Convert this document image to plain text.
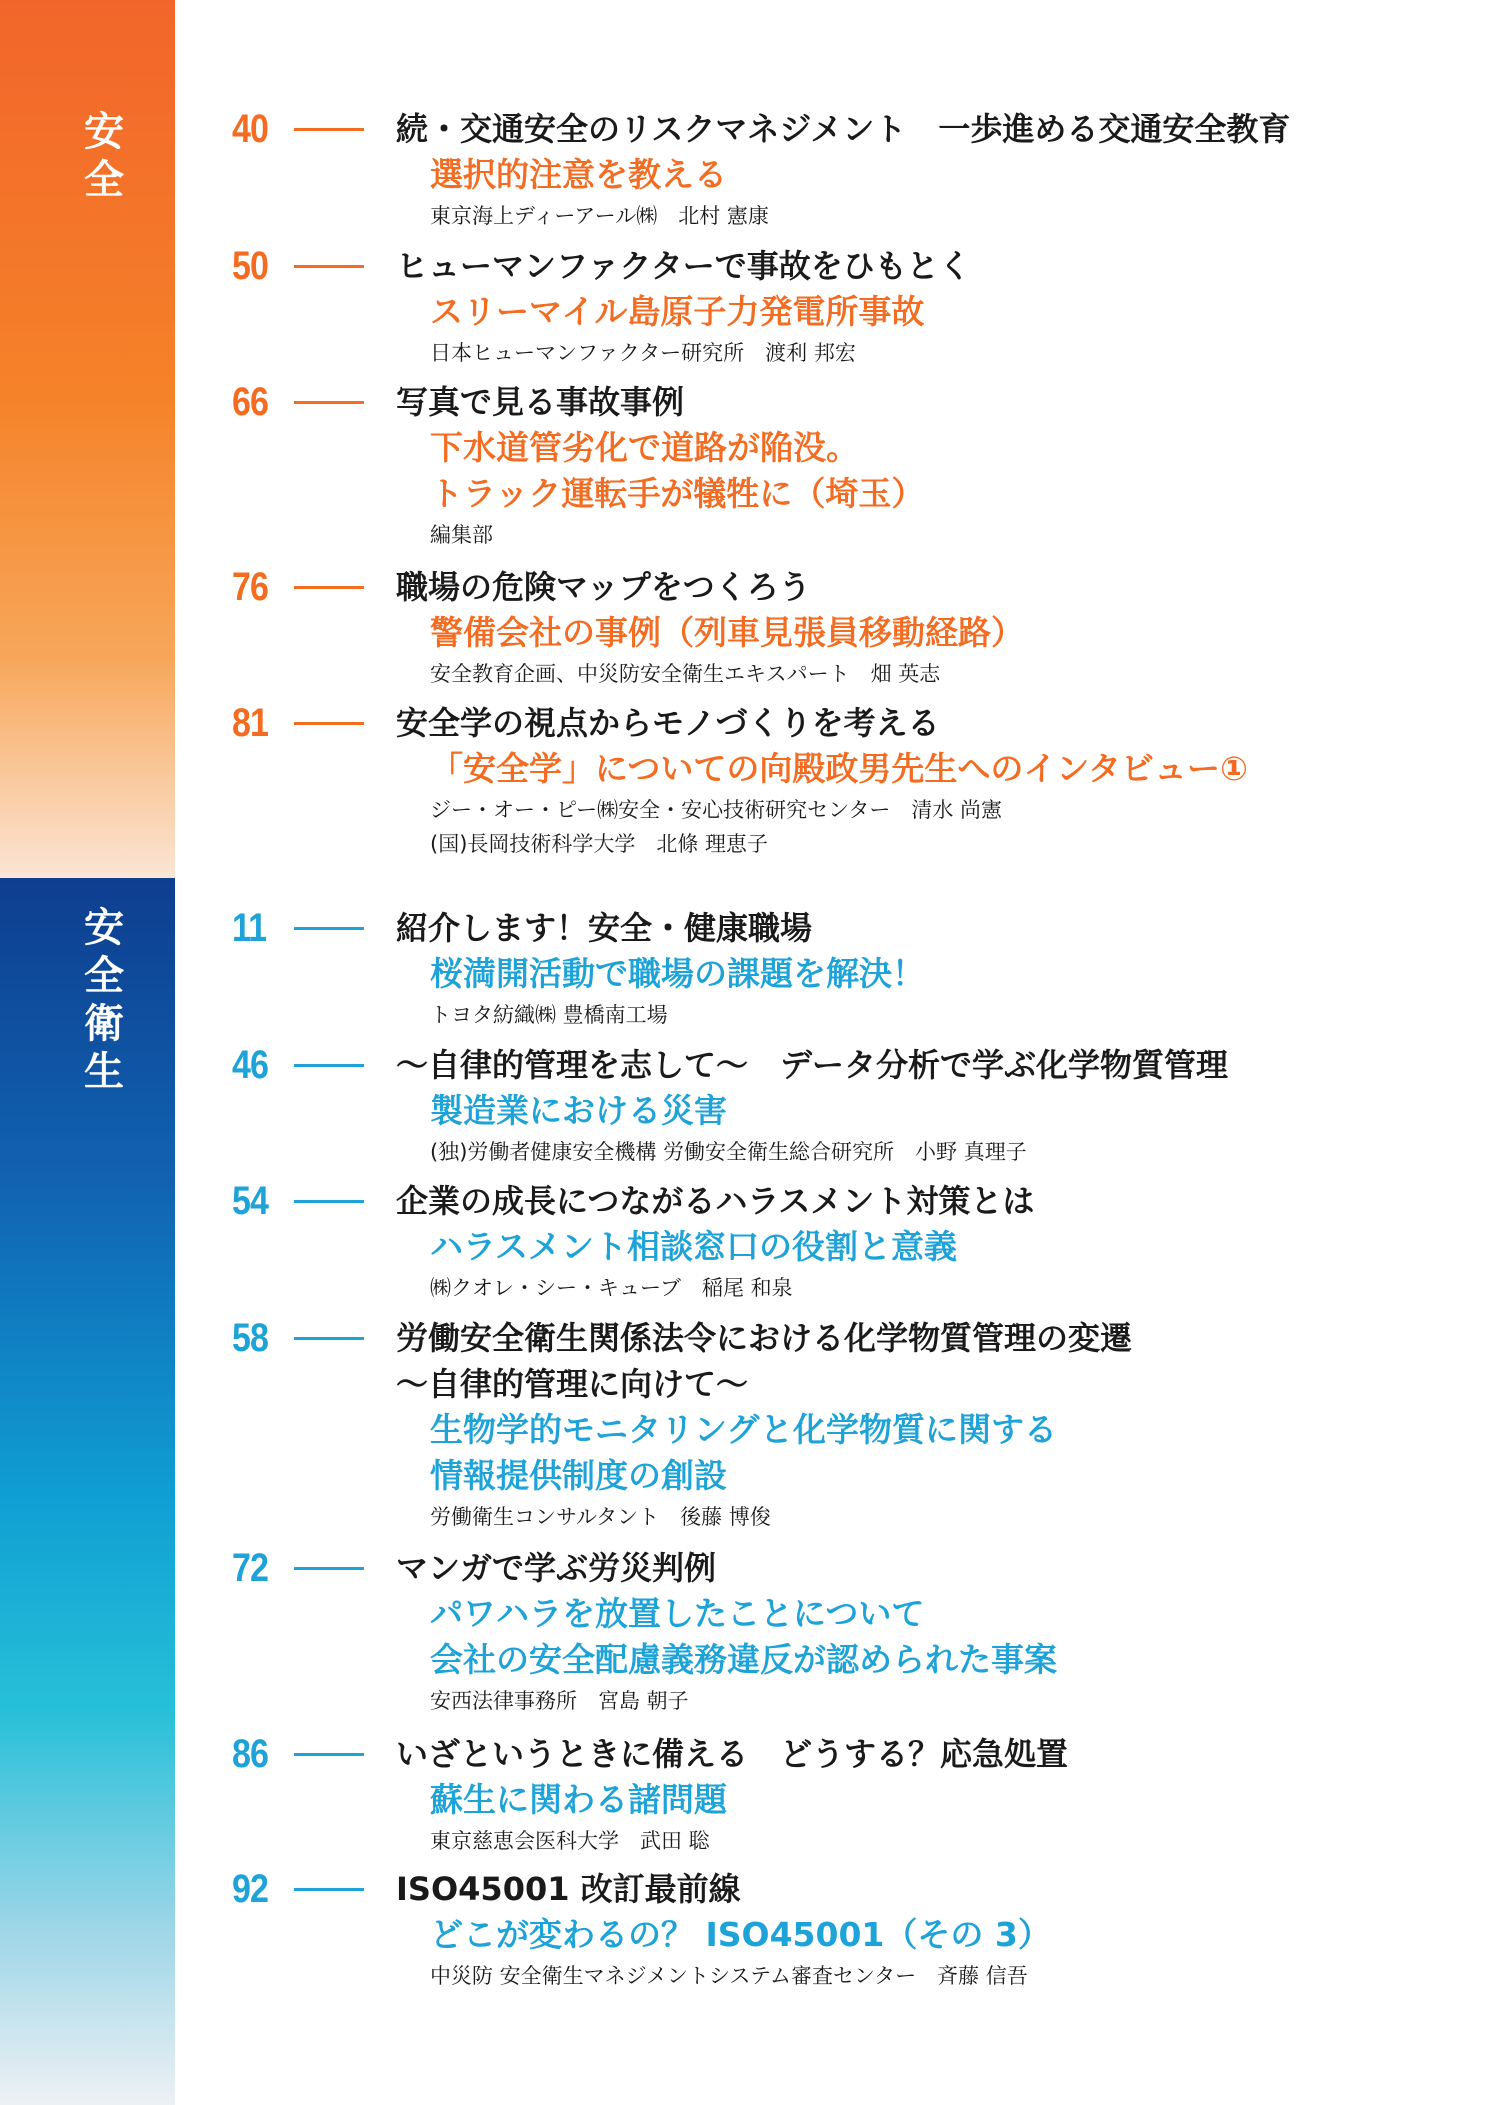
安
全
安
全
衛
生
40	続・交通安全のリスクマネジメント　一歩進める交通安全教育
選択的注意を教える
東京海上ディーアール㈱　北村 憲康
50	ヒューマンファクターで事故をひもとく
スリーマイル島原子力発電所事故
日本ヒューマンファクター研究所　渡利 邦宏
66	写真で見る事故事例
下水道管劣化で道路が陥没。
トラック運転手が犠牲に（埼玉）
編集部
76	職場の危険マップをつくろう
警備会社の事例（列車見張員移動経路）
安全教育企画、中災防安全衛生エキスパート　畑 英志
81	安全学の視点からモノづくりを考える
「安全学」についての向殿政男先生へのインタビュー①
ジー・オー・ピー㈱安全・安心技術研究センター　清水 尚憲
(国)長岡技術科学大学　北條 理恵子
11	紹介します！安全・健康職場
桜満開活動で職場の課題を解決！
トヨタ紡織㈱ 豊橋南工場
46	～自律的管理を志して～　データ分析で学ぶ化学物質管理
製造業における災害
(独)労働者健康安全機構 労働安全衛生総合研究所　小野 真理子
54	企業の成長につながるハラスメント対策とは
ハラスメント相談窓口の役割と意義
㈱クオレ・シー・キューブ　稲尾 和泉
58	労働安全衛生関係法令における化学物質管理の変遷
～自律的管理に向けて～
生物学的モニタリングと化学物質に関する
情報提供制度の創設
労働衛生コンサルタント　後藤 博俊
72	マンガで学ぶ労災判例
パワハラを放置したことについて
会社の安全配慮義務違反が認められた事案
安西法律事務所　宮島 朝子
86	いざというときに備える　どうする？応急処置
蘇生に関わる諸問題
東京慈恵会医科大学　武田 聡
92	ISO45001 改訂最前線
どこが変わるの？ ISO45001（その 3）
中災防 安全衛生マネジメントシステム審査センター　斉藤 信吾
